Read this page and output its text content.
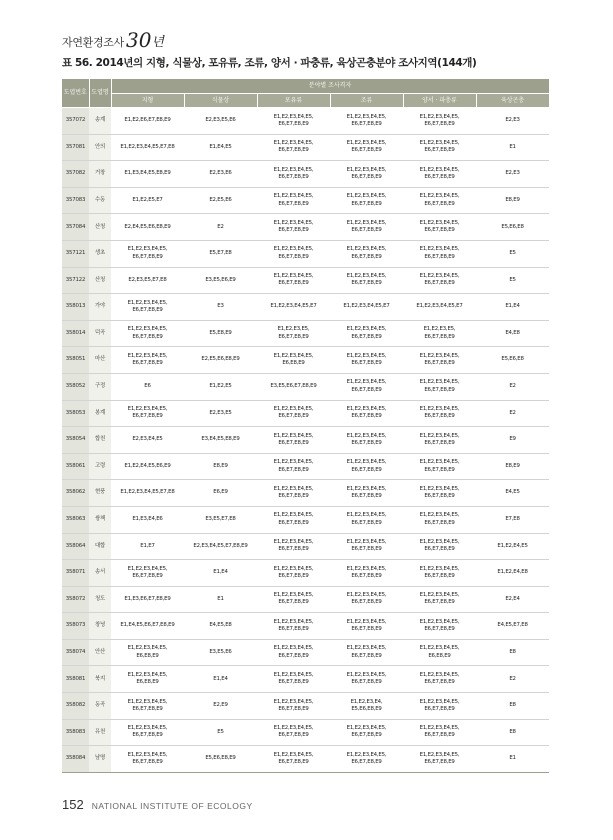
자연환경조사 30 년
표 56. 2014년의 지형, 식물상, 포유류, 조류, 양서 · 파충류, 육상곤충분야 조사지역(144개)
도엽번호	도엽명	분야별 조사격자					
		지형	식물상	포유류	조류	양서 · 파충류	육상곤충
357072	송계	E1,E2,E6,E7,E8,E9	E2,E3,E5,E6	E1,E2,E3,E4,E5,
E6,E7,E8,E9	E1,E2,E3,E4,E5,
E6,E7,E8,E9	E1,E2,E3,E4,E5,
E6,E7,E8,E9	E2,E3
357081	안의	E1,E2,E3,E4,E5,E7,E8	E1,E4,E5	E1,E2,E3,E4,E5,
E6,E7,E8,E9	E1,E2,E3,E4,E5,
E6,E7,E8,E9	E1,E2,E3,E4,E5,
E6,E7,E8,E9	E1
357082	거창	E1,E3,E4,E5,E8,E9	E2,E3,E6	E1,E2,E3,E4,E5,
E6,E7,E8,E9	E1,E2,E3,E4,E5,
E6,E7,E8,E9	E1,E2,E3,E4,E5,
E6,E7,E8,E9	E2,E3
357083	수동	E1,E2,E5,E7	E2,E5,E6	E1,E2,E3,E4,E5,
E6,E7,E8,E9	E1,E2,E3,E4,E5,
E6,E7,E8,E9	E1,E2,E3,E4,E5,
E6,E7,E8,E9	E8,E9
357084	산청	E2,E4,E5,E6,E8,E9	E2	E1,E2,E3,E4,E5,
E6,E7,E8,E9	E1,E2,E3,E4,E5,
E6,E7,E8,E9	E1,E2,E3,E4,E5,
E6,E7,E8,E9	E5,E6,E8
357121	생초	E1,E2,E3,E4,E5,
E6,E7,E8,E9	E5,E7,E8	E1,E2,E3,E4,E5,
E6,E7,E8,E9	E1,E2,E3,E4,E5,
E6,E7,E8,E9	E1,E2,E3,E4,E5,
E6,E7,E8,E9	E5
357122	산청	E2,E3,E5,E7,E8	E3,E5,E6,E9	E1,E2,E3,E4,E5,
E6,E7,E8,E9	E1,E2,E3,E4,E5,
E6,E7,E8,E9	E1,E2,E3,E4,E5,
E6,E7,E8,E9	E5
358013	가야	E1,E2,E3,E4,E5,
E6,E7,E8,E9	E3	E1,E2,E3,E4,E5,E7	E1,E2,E3,E4,E5,E7	E1,E2,E3,E4,E5,E7	E1,E4
358014	덕곡	E1,E2,E3,E4,E5,
E6,E7,E8,E9	E5,E8,E9	E1,E2,E3,E5,
E6,E7,E8,E9	E1,E2,E3,E4,E5,
E6,E7,E8,E9	E1,E2,E3,E5,
E6,E7,E8,E9	E4,E8
358051	마산	E1,E2,E3,E4,E5,
E6,E7,E8,E9	E2,E5,E6,E8,E9	E1,E2,E3,E4,E5,
E6,E8,E9	E1,E2,E3,E4,E5,
E6,E7,E8,E9	E1,E2,E3,E4,E5,
E6,E7,E8,E9	E5,E6,E8
358052	구정	E6	E1,E2,E5	E3,E5,E6,E7,E8,E9	E1,E2,E3,E4,E5,
E6,E7,E8,E9	E1,E2,E3,E4,E5,
E6,E7,E8,E9	E2
358053	봉계	E1,E2,E3,E4,E5,
E6,E7,E8,E9	E2,E3,E5	E1,E2,E3,E4,E5,
E6,E7,E8,E9	E1,E2,E3,E4,E5,
E6,E7,E8,E9	E1,E2,E3,E4,E5,
E6,E7,E8,E9	E2
358054	합천	E2,E3,E4,E5	E3,E4,E5,E8,E9	E1,E2,E3,E4,E5,
E6,E7,E8,E9	E1,E2,E3,E4,E5,
E6,E7,E8,E9	E1,E2,E3,E4,E5,
E6,E7,E8,E9	E9
358061	고령	E1,E2,E4,E5,E6,E9	E8,E9	E1,E2,E3,E4,E5,
E6,E7,E8,E9	E1,E2,E3,E4,E5,
E6,E7,E8,E9	E1,E2,E3,E4,E5,
E6,E7,E8,E9	E8,E9
358062	현풍	E1,E2,E3,E4,E5,E7,E8	E6,E9	E1,E2,E3,E4,E5,
E6,E7,E8,E9	E1,E2,E3,E4,E5,
E6,E7,E8,E9	E1,E2,E3,E4,E5,
E6,E7,E8,E9	E4,E5
358063	쌍책	E1,E3,E4,E6	E3,E5,E7,E8	E1,E2,E3,E4,E5,
E6,E7,E8,E9	E1,E2,E3,E4,E5,
E6,E7,E8,E9	E1,E2,E3,E4,E5,
E6,E7,E8,E9	E7,E8
358064	대합	E1,E7	E2,E3,E4,E5,E7,E8,E9	E1,E2,E3,E4,E5,
E6,E7,E8,E9	E1,E2,E3,E4,E5,
E6,E7,E8,E9	E1,E2,E3,E4,E5,
E6,E7,E8,E9	E1,E2,E4,E5
358071	송서	E1,E2,E3,E4,E5,
E6,E7,E8,E9	E1,E4	E1,E2,E3,E4,E5,
E6,E7,E8,E9	E1,E2,E3,E4,E5,
E6,E7,E8,E9	E1,E2,E3,E4,E5,
E6,E7,E8,E9	E1,E2,E4,E8
358072	청도	E1,E3,E6,E7,E8,E9	E1	E1,E2,E3,E4,E5,
E6,E7,E8,E9	E1,E2,E3,E4,E5,
E6,E7,E8,E9	E1,E2,E3,E4,E5,
E6,E7,E8,E9	E2,E4
358073	창녕	E1,E4,E5,E6,E7,E8,E9	E4,E5,E8	E1,E2,E3,E4,E5,
E6,E7,E8,E9	E1,E2,E3,E4,E5,
E6,E7,E8,E9	E1,E2,E3,E4,E5,
E6,E7,E8,E9	E4,E5,E7,E8
358074	안산	E1,E2,E3,E4,E5,
E6,E8,E9	E3,E5,E6	E1,E2,E3,E4,E5,
E6,E7,E8,E9	E1,E2,E3,E4,E5,
E6,E7,E8,E9	E1,E2,E3,E4,E5,
E6,E8,E9	E8
358081	북지	E1,E2,E3,E4,E5,
E6,E8,E9	E1,E4	E1,E2,E3,E4,E5,
E6,E7,E8,E9	E1,E2,E3,E4,E5,
E6,E7,E8,E9	E1,E2,E3,E4,E5,
E6,E7,E8,E9	E2
358082	동곡	E1,E2,E3,E4,E5,
E6,E7,E8,E9	E2,E9	E1,E2,E3,E4,E5,
E6,E7,E8,E9	E1,E2,E3,E4,
E5,E6,E8,E9	E1,E2,E3,E4,E5,
E6,E7,E8,E9	E8
358083	유천	E1,E2,E3,E4,E5,
E6,E7,E8,E9	E5	E1,E2,E3,E4,E5,
E6,E7,E8,E9	E1,E2,E3,E4,E5,
E6,E7,E8,E9	E1,E2,E3,E4,E5,
E6,E7,E8,E9	E8
358084	남명	E1,E2,E3,E4,E5,
E6,E7,E8,E9	E5,E6,E8,E9	E1,E2,E3,E4,E5,
E6,E7,E8,E9	E1,E2,E3,E4,E5,
E6,E7,E8,E9	E1,E2,E3,E4,E5,
E6,E7,E8,E9	E1
152 NATIONAL INSTITUTE OF ECOLOGY
